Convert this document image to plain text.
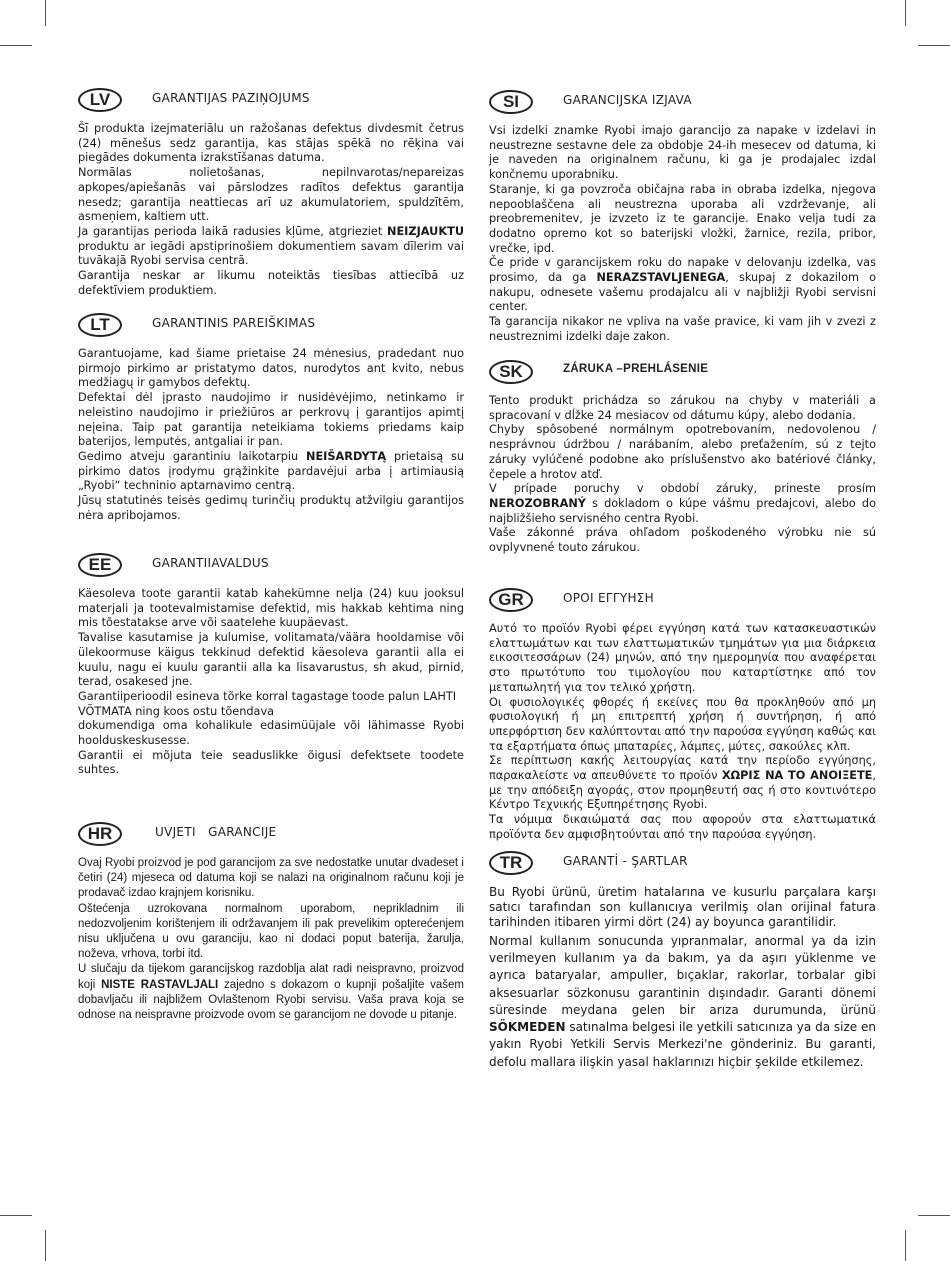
LV	GARANTIJAS PAZIŅOJUMS

Šī produkta izejmateriālu un ražošanas defektus divdesmit četrus (24) mēnešus sedz garantija, kas stājas spēkā no rēķina vai piegādes dokumenta izrakstīšanas datuma.

Normālas nolietošanas, nepilnvarotas/nepareizas apkopes/apiešanās vai pārslodzes radītos defektus garantija nesedz; garantija neattiecas arī uz akumulatoriem, spuldzītēm, asmeņiem, kaltiem utt.

Ja garantijas perioda laikā radusies kļūme, atgrieziet NEIZJAUKTU produktu ar iegādi apstiprinošiem dokumentiem savam dīlerim vai tuvākajā Ryobi servisa centrā.

Garantija neskar ar likumu noteiktās tiesības attiecībā uz defektīviem produktiem.

LT	GARANTINIS PAREIŠKIMAS

Garantuojame, kad šiame prietaise 24 mėnesius, pradedant nuo pirmojo pirkimo ar pristatymo datos, nurodytos ant kvito, nebus medžiagų ir gamybos defektų.

Defektai dėl įprasto naudojimo ir nusidėvėjimo, netinkamo ir neleistino naudojimo ir priežiūros ar perkrovų į garantijos apimtį neįeina. Taip pat garantija neteikiama tokiems priedams kaip baterijos, lemputės, antgaliai ir pan.

Gedimo atveju garantiniu laikotarpiu NEIŠARDYTĄ prietaisą su pirkimo datos įrodymu grąžinkite pardavėjui arba į artimiausią „Ryobi“ techninio aptarnavimo centrą.

Jūsų statutinės teisės gedimų turinčių produktų atžvilgiu garantijos nėra apribojamos.

EE	GARANTIIAVALDUS

Käesoleva toote garantii katab kahekümne nelja (24) kuu jooksul materjali ja tootevalmistamise defektid, mis hakkab kehtima ning mis tõestatakse arve või saatelehe kuupäevast.

Tavalise kasutamise ja kulumise, volitamata/väära hooldamise või ülekoormuse käigus tekkinud defektid käesoleva garantii alla ei kuulu, nagu ei kuulu garantii alla ka lisavarustus, sh akud, pirnid, terad, osakesed jne.

Garantiiperioodil esineva tõrke korral tagastage toode palun LAHTI VÕTMATA ning koos ostu tõendava

dokumendiga oma kohalikule edasimüüjale või lähimasse Ryobi hoolduskeskusesse.

Garantii ei mõjuta teie seaduslikke õigusi defektsete toodete suhtes.

HR	UVJETI   GARANCIJE

Ovaj Ryobi proizvod je pod garancijom za sve nedostatke unutar dvadeset i četiri (24) mjeseca od datuma koji se nalazi na originalnom računu koji je prodavač izdao krajnjem korisniku.

Oštećenja uzrokovana normalnom uporabom, neprikladnim ili nedozvoljenim korištenjem ili održavanjem ili pak prevelikim opterećenjem nisu uključena u ovu garanciju, kao ni dodaci poput baterija, žarulja, noževa, vrhova, torbi itd.

U slučaju da tijekom garancijskog razdoblja alat radi neispravno, proizvod koji NISTE RASTAVLJALI zajedno s dokazom o kupnji pošaljite vašem dobavljaču ili najbližem Ovlaštenom Ryobi servisu. Vaša prava koja se odnose na neispravne proizvode ovom se garancijom ne dovode u pitanje.

SI	GARANCIJSKA IZJAVA

Vsi izdelki znamke Ryobi imajo garancijo za napake v izdelavi in neustrezne sestavne dele za obdobje 24-ih mesecev od datuma, ki je naveden na originalnem računu, ki ga je prodajalec izdal končnemu uporabniku.

Staranje, ki ga povzroča običajna raba in obraba izdelka, njegova nepooblaščena ali neustrezna uporaba ali vzdrževanje, ali preobremenitev, je izvzeto iz te garancije. Enako velja tudi za dodatno opremo kot so baterijski vložki, žarnice, rezila, pribor, vrečke, ipd.

Če pride v garancijskem roku do napake v delovanju izdelka, vas prosimo, da ga NERAZSTAVLJENEGA, skupaj z dokazilom o nakupu, odnesete vašemu prodajalcu ali v najbližji Ryobi servisni center.

Ta garancija nikakor ne vpliva na vaše pravice, ki vam jih v zvezi z neustreznimi izdelki daje zakon.

SK	ZÁRUKA –PREHLÁSENIE

Tento produkt prichádza so zárukou na chyby v materiáli a spracovaní v dĺžke 24 mesiacov od dátumu kúpy, alebo dodania.

Chyby spôsobené normálnym opotrebovaním, nedovolenou / nesprávnou údržbou / narábaním, alebo preťažením, sú z tejto záruky vylúčené podobne ako príslušenstvo ako batériové články, čepele a hrotov atď.

V prípade poruchy v období záruky, prineste prosím NEROZOBRANÝ s dokladom o kúpe vášmu predajcovi, alebo do najbližšieho servisného centra Ryobi.

Vaše zákonné práva ohľadom poškodeného výrobku nie sú ovplyvnené touto zárukou.

GR	ΟΡΟΙ ΕΓΓΥΗΣΗ

Αυτό το προϊόν Ryobi φέρει εγγύηση κατά των κατασκευαστικών ελαττωμάτων και των ελαττωματικών τμημάτων για μια διάρκεια εικοσιτεσσάρων (24) μηνών, από την ημερομηνία που αναφέρεται στο πρωτότυπο του τιμολογίου που καταρτίστηκε από τον μεταπωλητή για τον τελικό χρήστη.

Οι φυσιολογικές φθορές ή εκείνες που θα προκληθούν από μη φυσιολογική ή μη επιτρεπτή χρήση ή συντήρηση, ή από υπερφόρτιση δεν καλύπτονται από την παρούσα εγγύηση καθώς και τα εξαρτήματα όπως μπαταρίες, λάμπες, μύτες, σακούλες κλπ.

Σε περίπτωση κακής λειτουργίας κατά την περίοδο εγγύησης, παρακαλείστε να απευθύνετε το προϊόν ΧΩΡΙΣ ΝΑ ΤΟ ΑΝΟΙΞΕΤΕ, με την απόδειξη αγοράς, στον προμηθευτή σας ή στο κοντινότερο Κέντρο Τεχνικής Εξυπηρέτησης Ryobi.

Τα νόμιμα δικαιώματά σας που αφορούν στα ελαττωματικά προϊόντα δεν αμφισβητούνται από την παρούσα εγγύηση.

TR	GARANTİ - ŞARTLAR

Bu Ryobi ürünü, üretim hatalarına ve kusurlu parçalara karşı satıcı tarafından son kullanıcıya verilmiş olan orijinal fatura tarihinden itibaren yirmi dört (24) ay boyunca garantilidir.

Normal kullanım sonucunda yıpranmalar, anormal ya da izin verilmeyen kullanım ya da bakım, ya da aşırı yüklenme ve ayrıca bataryalar, ampuller, bıçaklar, rakorlar, torbalar gibi aksesuarlar sözkonusu garantinin dışındadır. Garanti dönemi süresinde meydana gelen bir arıza durumunda, ürünü SÖKMEDEN satınalma belgesi ile yetkili satıcınıza ya da size en yakın Ryobi Yetkili Servis Merkezi'ne gönderiniz. Bu garanti, defolu mallara ilişkin yasal haklarınızı hiçbir şekilde etkilemez.
